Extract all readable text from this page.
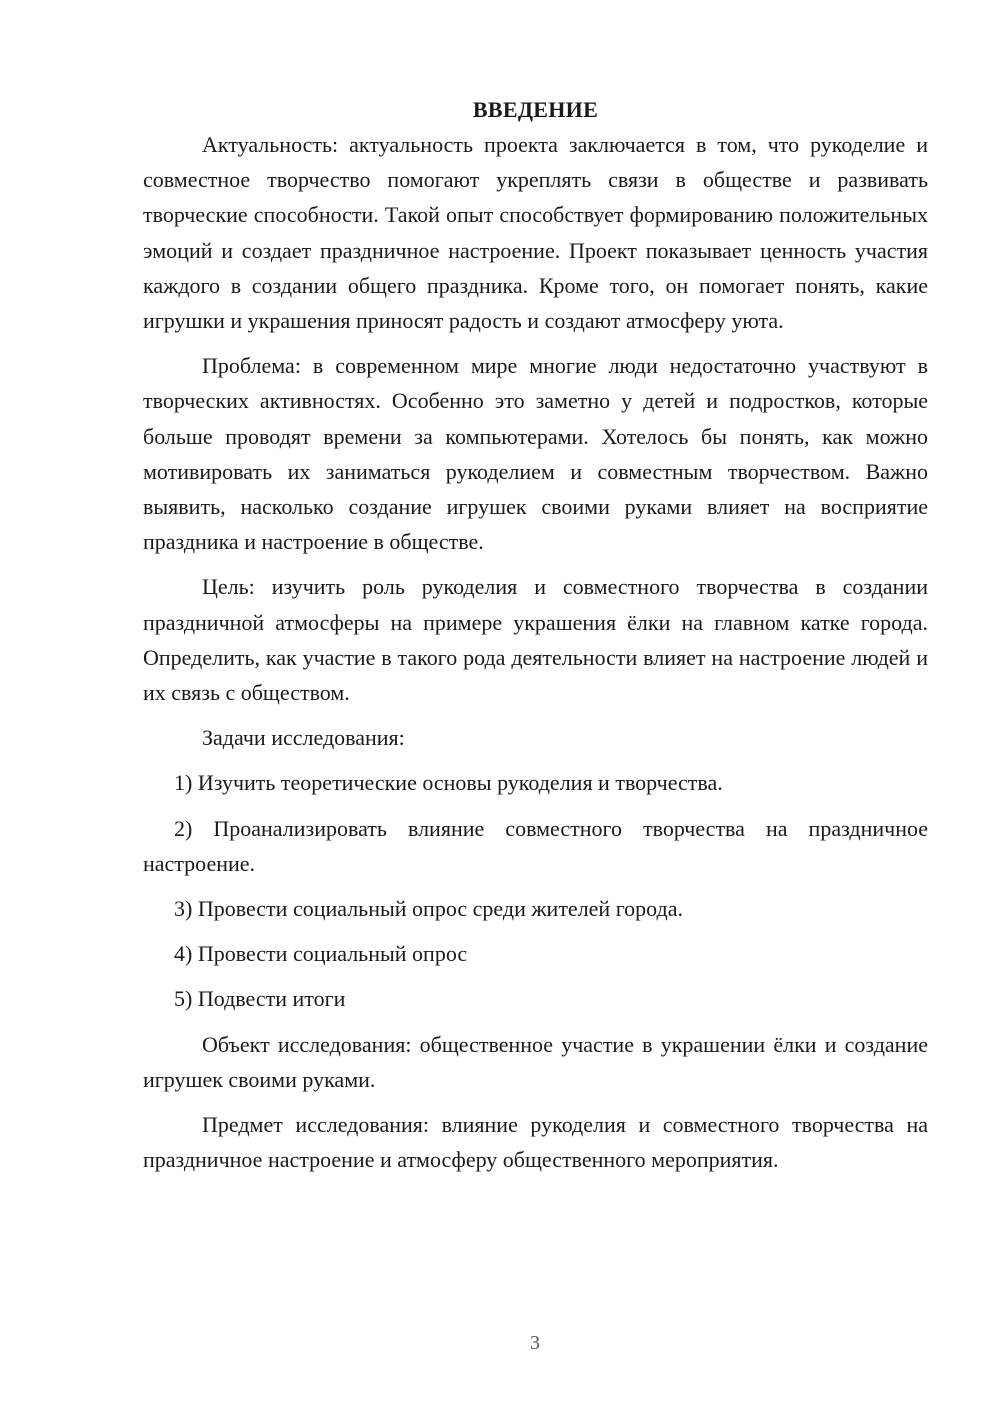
ВВЕДЕНИЕ

Актуальность: актуальность проекта заключается в том, что рукоделие и совместное творчество помогают укреплять связи в обществе и развивать творческие способности. Такой опыт способствует формированию положительных эмоций и создает праздничное настроение. Проект показывает ценность участия каждого в создании общего праздника. Кроме того, он помогает понять, какие игрушки и украшения приносят радость и создают атмосферу уюта.

Проблема: в современном мире многие люди недостаточно участвуют в творческих активностях. Особенно это заметно у детей и подростков, которые больше проводят времени за компьютерами. Хотелось бы понять, как можно мотивировать их заниматься рукоделием и совместным творчеством. Важно выявить, насколько создание игрушек своими руками влияет на восприятие праздника и настроение в обществе.

Цель: изучить роль рукоделия и совместного творчества в создании праздничной атмосферы на примере украшения ёлки на главном катке города. Определить, как участие в такого рода деятельности влияет на настроение людей и их связь с обществом.

Задачи исследования:

1) Изучить теоретические основы рукоделия и творчества.

2) Проанализировать влияние совместного творчества на праздничное настроение.

3) Провести социальный опрос среди жителей города.

4) Провести социальный опрос

5) Подвести итоги

Объект исследования: общественное участие в украшении ёлки и создание игрушек своими руками.

Предмет исследования: влияние рукоделия и совместного творчества на праздничное настроение и атмосферу общественного мероприятия.

3
